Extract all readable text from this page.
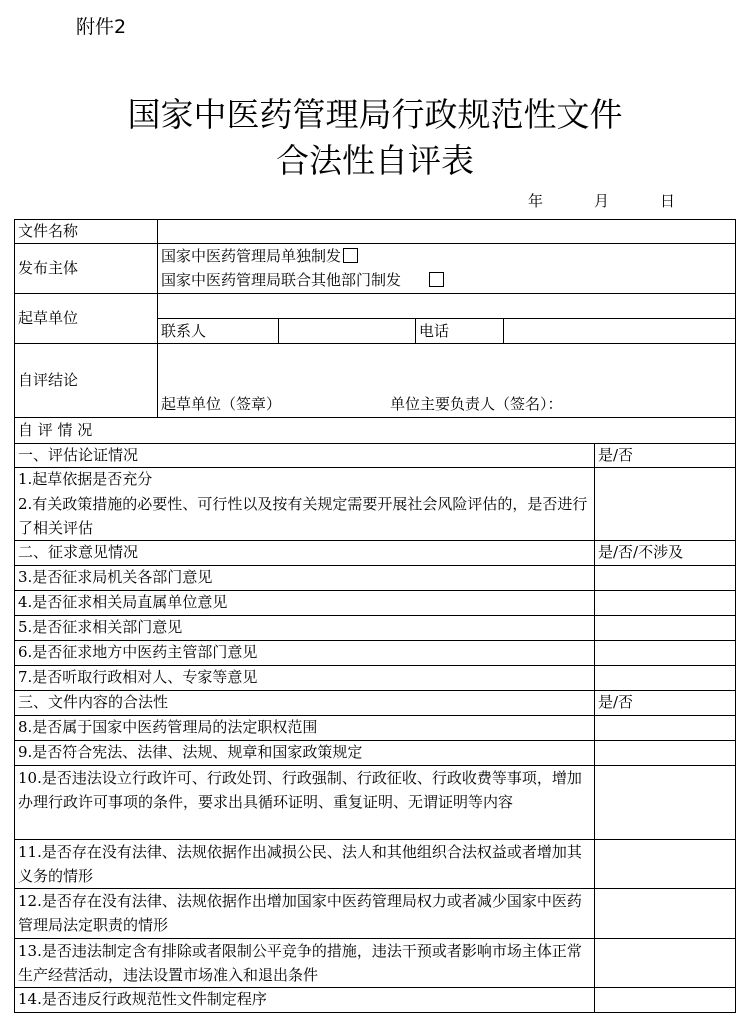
附件2
国家中医药管理局行政规范性文件
合法性自评表
年	月	日
文件名称
发布主体
国家中医药管理局单独制发
国家中医药管理局联合其他部门制发
起草单位
联系人	电话
自评结论
起草单位（签章）	单位主要负责人（签名）：
自 评 情 况
一、评估论证情况	是/否
1.起草依据是否充分
2.有关政策措施的必要性、可行性以及按有关规定需要开展社会风险评估的，是否进行了相关评估
二、征求意见情况	是/否/不涉及
3.是否征求局机关各部门意见
4.是否征求相关局直属单位意见
5.是否征求相关部门意见
6.是否征求地方中医药主管部门意见
7.是否听取行政相对人、专家等意见
三、文件内容的合法性	是/否
8.是否属于国家中医药管理局的法定职权范围
9.是否符合宪法、法律、法规、规章和国家政策规定
10.是否违法设立行政许可、行政处罚、行政强制、行政征收、行政收费等事项，增加办理行政许可事项的条件，要求出具循环证明、重复证明、无谓证明等内容
11.是否存在没有法律、法规依据作出减损公民、法人和其他组织合法权益或者增加其义务的情形
12.是否存在没有法律、法规依据作出增加国家中医药管理局权力或者减少国家中医药管理局法定职责的情形
13.是否违法制定含有排除或者限制公平竞争的措施，违法干预或者影响市场主体正常生产经营活动，违法设置市场准入和退出条件
14.是否违反行政规范性文件制定程序
